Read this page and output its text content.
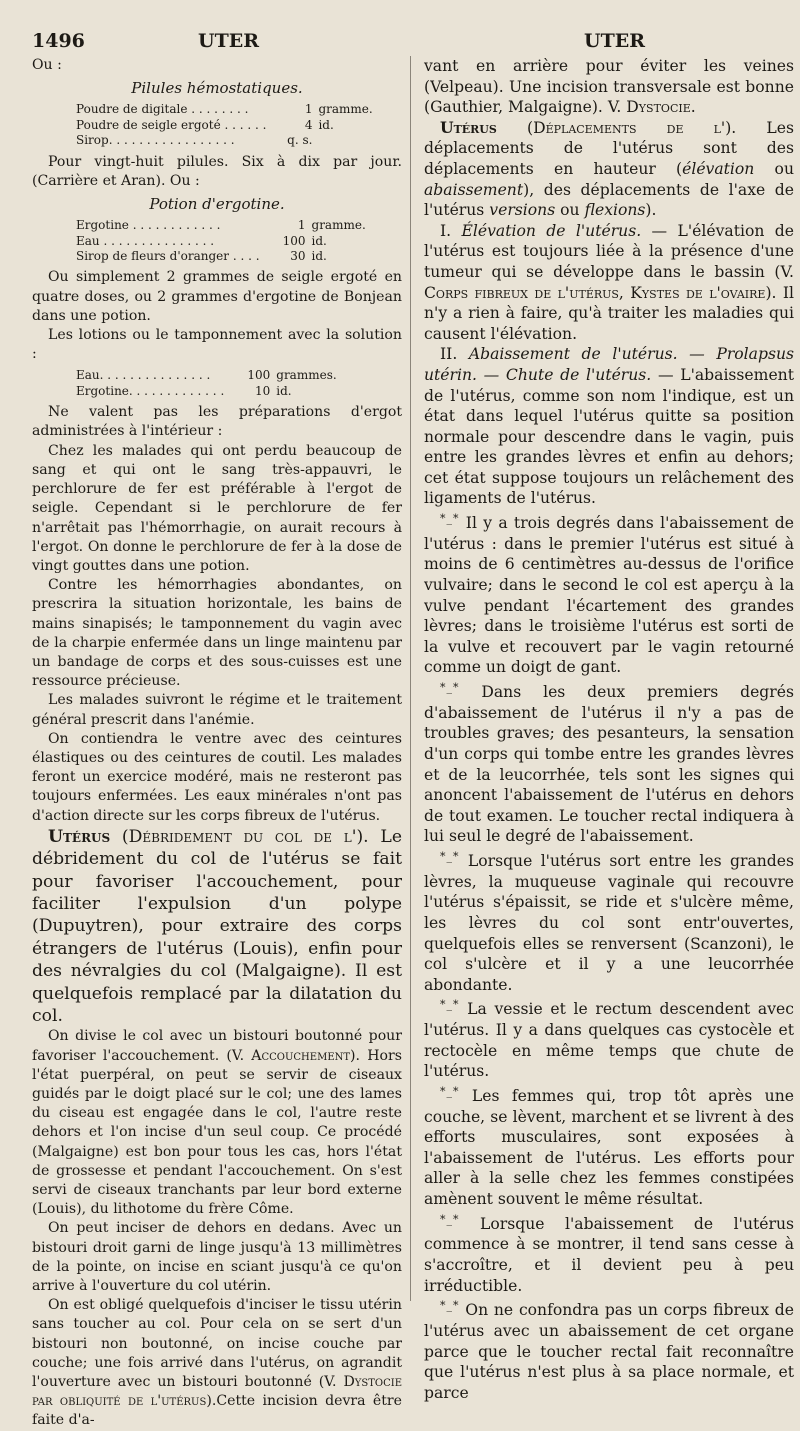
1496	UTER	UTER

Ou :

Pilules hémostatiques.

Poudre de digitale . . . . . . . .	1	gramme.
Poudre de seigle ergoté . . . . . .	4	id.
Sirop. . . . . . . . . . . . . . . . .	q. s.	

Pour vingt-huit pilules. Six à dix par jour. (Carrière et Aran). Ou :

Potion d'ergotine.

Ergotine . . . . . . . . . . . .	1	gramme.
Eau . . . . . . . . . . . . . . .	100	id.
Sirop de fleurs d'oranger . . . .	30	id.

Ou simplement 2 grammes de seigle ergoté en quatre doses, ou 2 grammes d'ergotine de Bonjean dans une potion.

Les lotions ou le tamponnement avec la solution :

Eau. . . . . . . . . . . . . . .	100	grammes.
Ergotine. . . . . . . . . . . . .	10	id.

Ne valent pas les préparations d'ergot administrées à l'intérieur :

Chez les malades qui ont perdu beaucoup de sang et qui ont le sang très-appauvri, le perchlorure de fer est préférable à l'ergot de seigle. Cependant si le perchlorure de fer n'arrêtait pas l'hémorrhagie, on aurait recours à l'ergot. On donne le perchlorure de fer à la dose de vingt gouttes dans une potion.

Contre les hémorrhagies abondantes, on prescrira la situation horizontale, les bains de mains sinapisés; le tamponnement du vagin avec de la charpie enfermée dans un linge maintenu par un bandage de corps et des sous-cuisses est une ressource précieuse.

Les malades suivront le régime et le traitement général prescrit dans l'anémie.

On contiendra le ventre avec des ceintures élastiques ou des ceintures de coutil. Les malades feront un exercice modéré, mais ne resteront pas toujours enfermées. Les eaux minérales n'ont pas d'action directe sur les corps fibreux de l'utérus.

Utérus (Débridement du col de l'). Le débridement du col de l'utérus se fait pour favoriser l'accouchement, pour faciliter l'expulsion d'un polype (Dupuytren), pour extraire des corps étrangers de l'utérus (Louis), enfin pour des névralgies du col (Malgaigne). Il est quelquefois remplacé par la dilatation du col.

On divise le col avec un bistouri boutonné pour favoriser l'accouchement. (V. Accouchement). Hors l'état puerpéral, on peut se servir de ciseaux guidés par le doigt placé sur le col; une des lames du ciseau est engagée dans le col, l'autre reste dehors et l'on incise d'un seul coup. Ce procédé (Malgaigne) est bon pour tous les cas, hors l'état de grossesse et pendant l'accouchement. On s'est servi de ciseaux tranchants par leur bord externe (Louis), du lithotome du frère Côme.

On peut inciser de dehors en dedans. Avec un bistouri droit garni de linge jusqu'à 13 millimètres de la pointe, on incise en sciant jusqu'à ce qu'on arrive à l'ouverture du col utérin.

On est obligé quelquefois d'inciser le tissu utérin sans toucher au col. Pour cela on se sert d'un bistouri non boutonné, on incise couche par couche; une fois arrivé dans l'utérus, on agrandit l'ouverture avec un bistouri boutonné (V. Dystocie par obliquité de l'utérus).Cette incision devra être faite d'a-

vant en arrière pour éviter les veines (Velpeau). Une incision transversale est bonne (Gauthier, Malgaigne). V. Dystocie.

Utérus (Déplacements de l'). Les déplacements de l'utérus sont des déplacements en hauteur (élévation ou abaissement), des déplacements de l'axe de l'utérus versions ou flexions).

I. Élévation de l'utérus. — L'élévation de l'utérus est toujours liée à la présence d'une tumeur qui se développe dans le bassin (V. Corps fibreux de l'utérus, Kystes de l'ovaire). Il n'y a rien à faire, qu'à traiter les maladies qui causent l'élévation.

II. Abaissement de l'utérus. — Prolapsus utérin. — Chute de l'utérus. — L'abaissement de l'utérus, comme son nom l'indique, est un état dans lequel l'utérus quitte sa position normale pour descendre dans le vagin, puis entre les grandes lèvres et enfin au dehors; cet état suppose toujours un relâchement des ligaments de l'utérus.

*_* Il y a trois degrés dans l'abaissement de l'utérus : dans le premier l'utérus est situé à moins de 6 centimètres au-dessus de l'orifice vulvaire; dans le second le col est aperçu à la vulve pendant l'écartement des grandes lèvres; dans le troisième l'utérus est sorti de la vulve et recouvert par le vagin retourné comme un doigt de gant.

*_* Dans les deux premiers degrés d'abaissement de l'utérus il n'y a pas de troubles graves; des pesanteurs, la sensation d'un corps qui tombe entre les grandes lèvres et de la leucorrhée, tels sont les signes qui anoncent l'abaissement de l'utérus en dehors de tout examen. Le toucher rectal indiquera à lui seul le degré de l'abaissement.

*_* Lorsque l'utérus sort entre les grandes lèvres, la muqueuse vaginale qui recouvre l'utérus s'épaissit, se ride et s'ulcère même, les lèvres du col sont entr'ouvertes, quelquefois elles se renversent (Scanzoni), le col s'ulcère et il y a une leucorrhée abondante.

*_* La vessie et le rectum descendent avec l'utérus. Il y a dans quelques cas cystocèle et rectocèle en même temps que chute de l'utérus.

*_* Les femmes qui, trop tôt après une couche, se lèvent, marchent et se livrent à des efforts musculaires, sont exposées à l'abaissement de l'utérus. Les efforts pour aller à la selle chez les femmes constipées amènent souvent le même résultat.

*_* Lorsque l'abaissement de l'utérus commence à se montrer, il tend sans cesse à s'accroître, et il devient peu à peu irréductible.

*_* On ne confondra pas un corps fibreux de l'utérus avec un abaissement de cet organe parce que le toucher rectal fait reconnaître que l'utérus n'est plus à sa place normale, et parce
